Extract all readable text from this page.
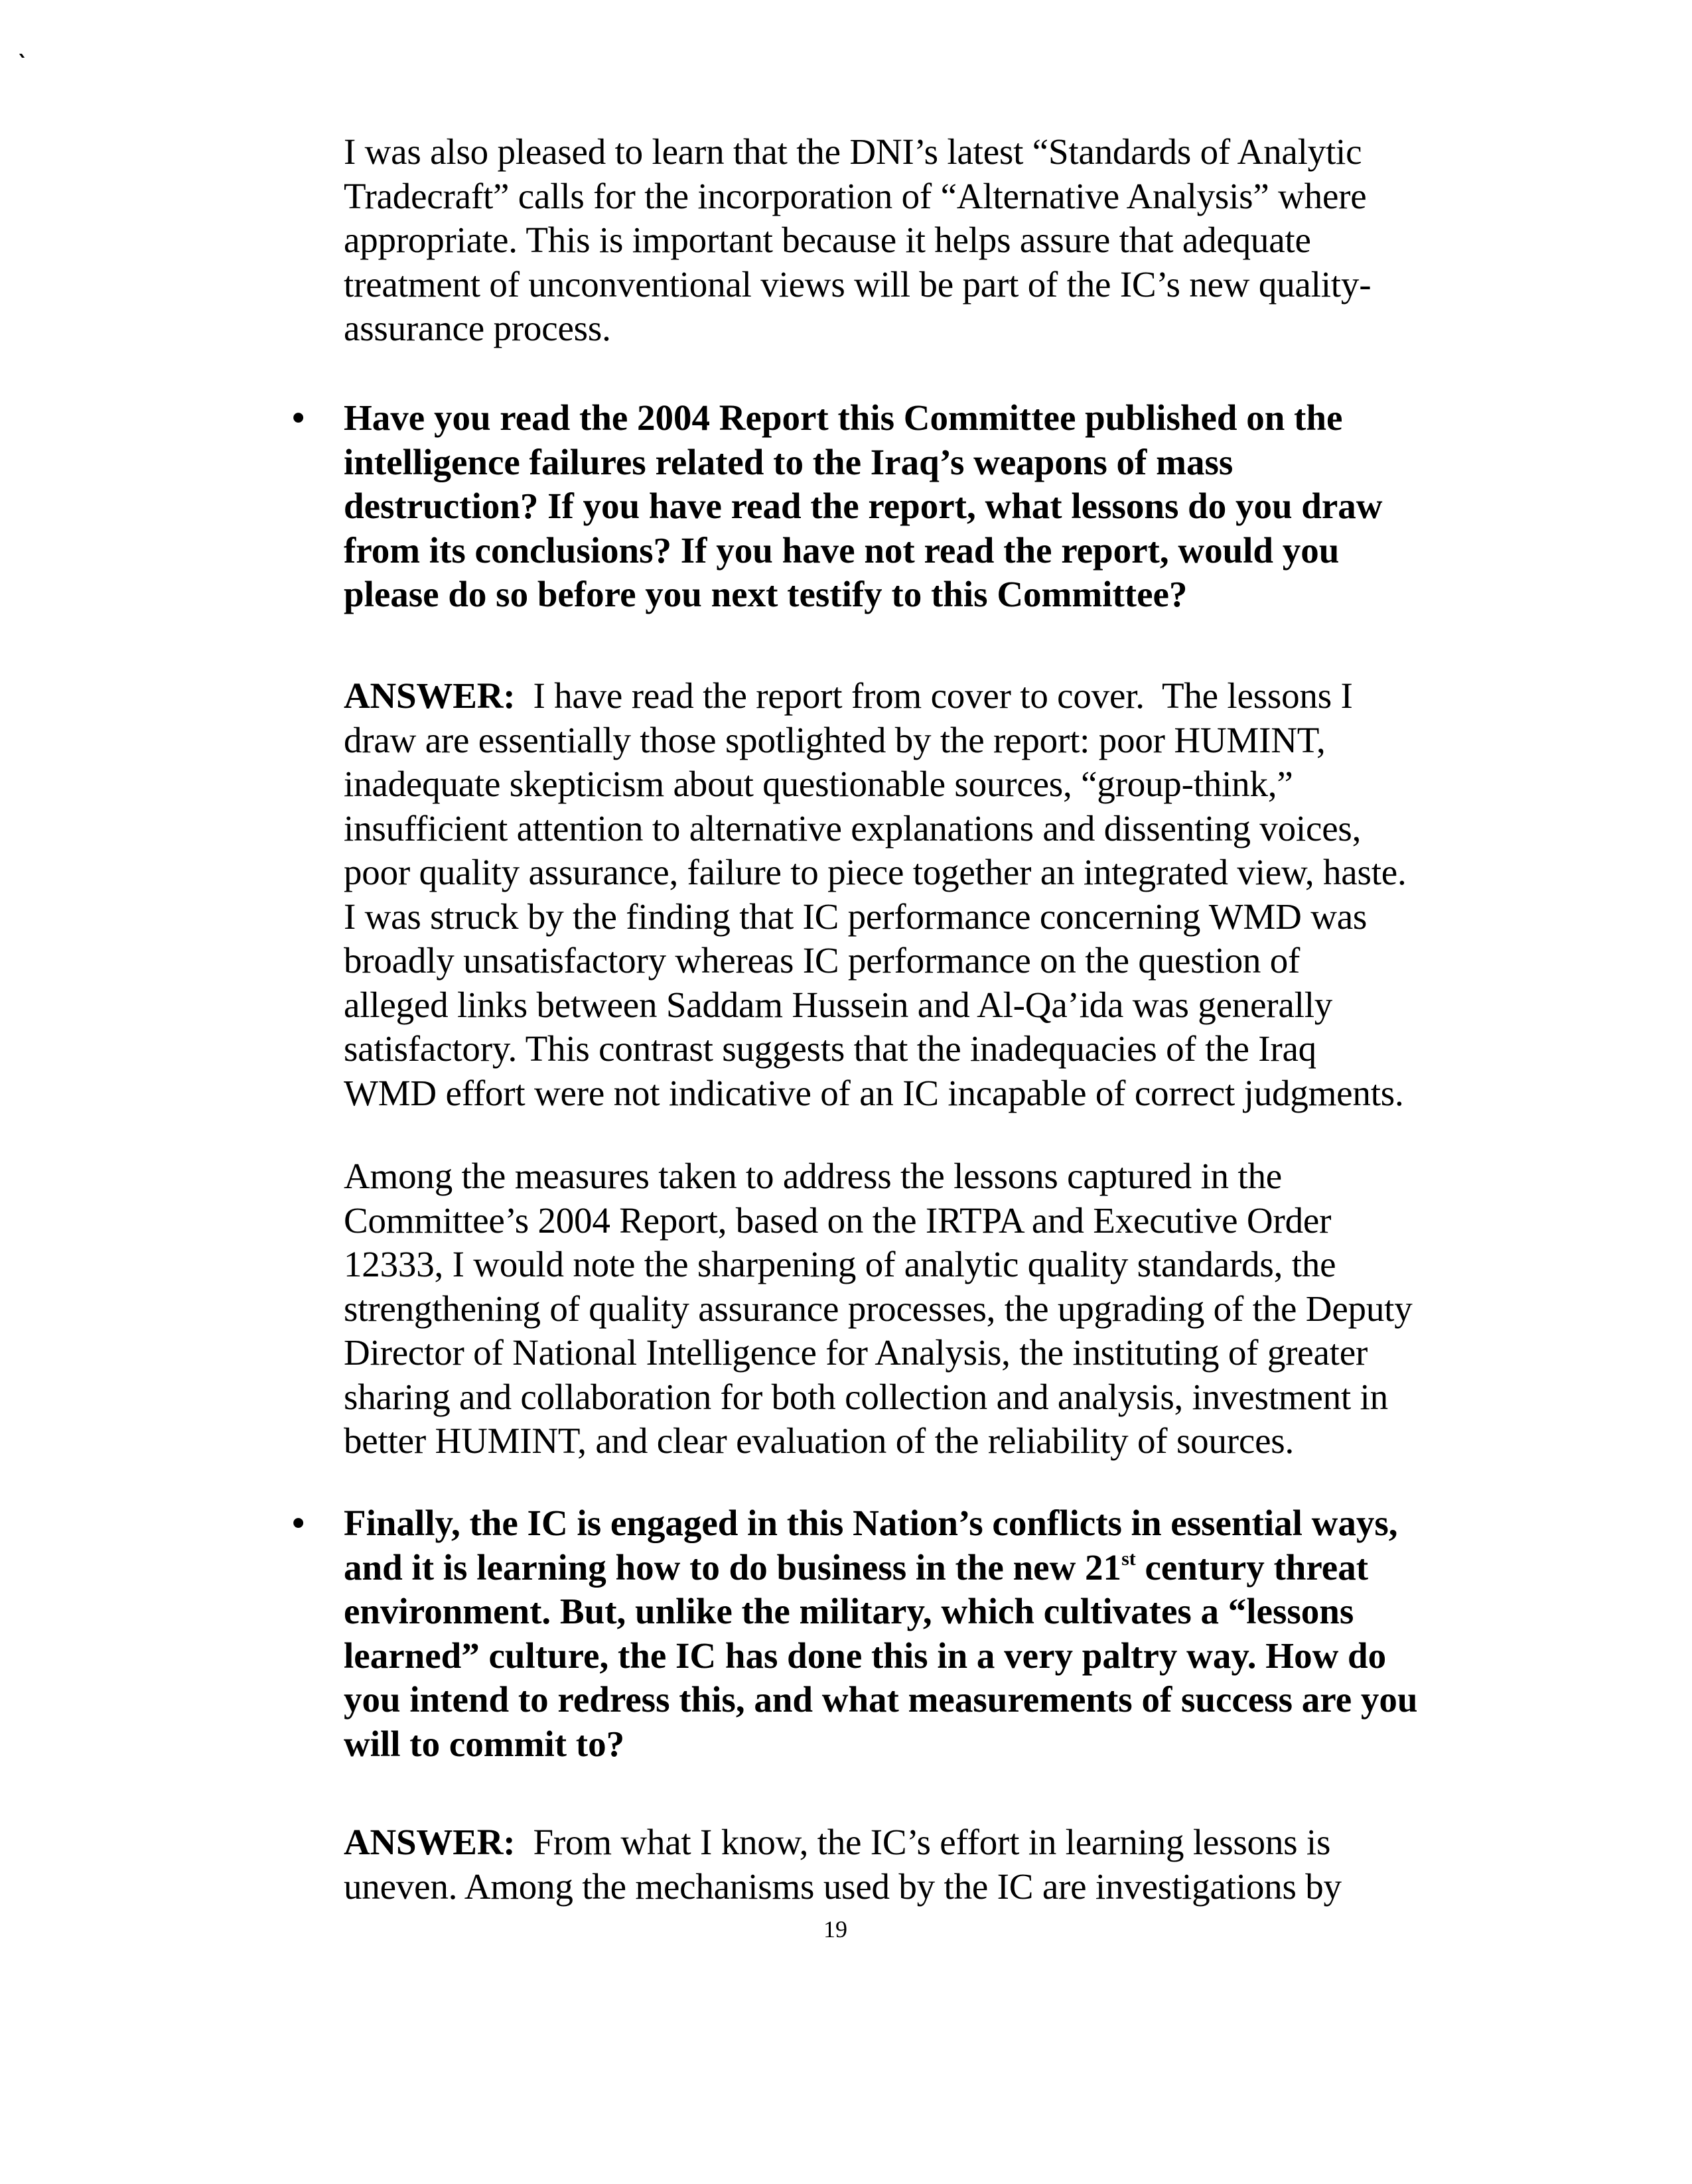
I was also pleased to learn that the DNI’s latest “Standards of Analytic
Tradecraft” calls for the incorporation of “Alternative Analysis” where
appropriate. This is important because it helps assure that adequate
treatment of unconventional views will be part of the IC’s new quality-
assurance process.

•	Have you read the 2004 Report this Committee published on the
intelligence failures related to the Iraq’s weapons of mass
destruction? If you have read the report, what lessons do you draw
from its conclusions? If you have not read the report, would you
please do so before you next testify to this Committee?

ANSWER:  I have read the report from cover to cover.  The lessons I
draw are essentially those spotlighted by the report: poor HUMINT,
inadequate skepticism about questionable sources, “group-think,”
insufficient attention to alternative explanations and dissenting voices,
poor quality assurance, failure to piece together an integrated view, haste.
I was struck by the finding that IC performance concerning WMD was
broadly unsatisfactory whereas IC performance on the question of
alleged links between Saddam Hussein and Al-Qa’ida was generally
satisfactory. This contrast suggests that the inadequacies of the Iraq
WMD effort were not indicative of an IC incapable of correct judgments.

Among the measures taken to address the lessons captured in the
Committee’s 2004 Report, based on the IRTPA and Executive Order
12333, I would note the sharpening of analytic quality standards, the
strengthening of quality assurance processes, the upgrading of the Deputy
Director of National Intelligence for Analysis, the instituting of greater
sharing and collaboration for both collection and analysis, investment in
better HUMINT, and clear evaluation of the reliability of sources.

•	Finally, the IC is engaged in this Nation’s conflicts in essential ways,
and it is learning how to do business in the new 21st century threat
environment. But, unlike the military, which cultivates a “lessons
learned” culture, the IC has done this in a very paltry way. How do
you intend to redress this, and what measurements of success are you
will to commit to?

ANSWER:  From what I know, the IC’s effort in learning lessons is
uneven. Among the mechanisms used by the IC are investigations by

19
